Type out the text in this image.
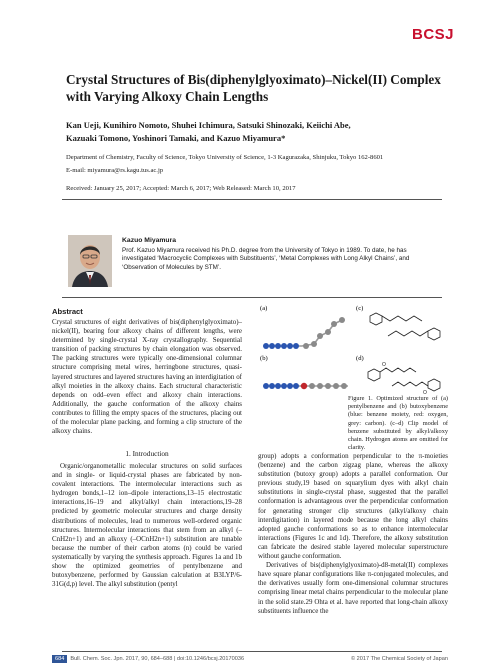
BCSJ
Crystal Structures of Bis(diphenylglyoximato)–Nickel(II) Complex with Varying Alkoxy Chain Lengths
Kan Ueji, Kunihiro Nomoto, Shuhei Ichimura, Satsuki Shinozaki, Keiichi Abe,
Kazuaki Tomono, Yoshinori Tamaki, and Kazuo Miyamura*
Department of Chemistry, Faculty of Science, Tokyo University of Science, 1-3 Kagurazaka, Shinjuku, Tokyo 162-8601
E-mail: miyamura@rs.kagu.tus.ac.jp
Received: January 25, 2017; Accepted: March 6, 2017; Web Released: March 10, 2017
Kazuo Miyamura
Prof. Kazuo Miyamura received his Ph.D. degree from the University of Tokyo in 1989. To date, he has investigated ‘Macrocyclic Complexes with Substituents’, ‘Metal Complexes with Long Alkyl Chains’, and ‘Observation of Molecules by STM’.
Abstract
Crystal structures of eight derivatives of bis(diphenylglyoximato)–nickel(II), bearing four alkoxy chains of different lengths, were determined by single-crystal X-ray crystallography. Sequential transition of packing structures by chain elongation was observed. The packing structures were typically one-dimensional columnar structure comprising metal wires, herringbone structures, quasi-layered structures and layered structures having an interdigitation of alkyl moieties in the alkoxy chains. Each structural characteristic depends on odd–even effect and alkoxy chain interactions. Additionally, the gauche conformation of the alkoxy chains contributes to filling the empty spaces of the structures, placing out of the molecular plane packing, and forming a clip structure of the alkoxy chains.
1. Introduction
Organic/organometallic molecular structures on solid surfaces and in single- or liquid-crystal phases are fabricated by non-covalent interactions. The intermolecular interactions such as hydrogen bonds,1–12 ion–dipole interactions,13–15 electrostatic interactions,16–19 and alkyl/alkyl chain interactions,19–28 predicted by geometric molecular structures and charge density distributions of molecules, lead to numerous well-ordered organic structures. Intermolecular interactions that stem from an alkyl (–CnH2n+1) and an alkoxy (–OCnH2n+1) substitution are tunable because the number of their carbon atoms (n) could be varied systematically by varying the synthesis approach. Figures 1a and 1b show the optimized geometries of pentylbenzene and butoxybenzene, performed by Gaussian calculation at B3LYP/6-31G(d,p) level. The alkyl substitution (pentyl
(a)	(c)
(b)	(d)
O
O
Figure 1. Optimized structure of (a) pentylbenzene and (b) butoxybenzene (blue: benzene moiety, red: oxygen, grey: carbon). (c–d) Clip model of benzene substituted by alkyl/alkoxy chain. Hydrogen atoms are omitted for clarity.

group) adopts a conformation perpendicular to the π-moieties (benzene) and the carbon zigzag plane, whereas the alkoxy substitution (butoxy group) adopts a parallel conformation. Our previous study,19 based on squarylium dyes with alkyl chain substitutions in single-crystal phase, suggested that the parallel conformation is advantageous over the perpendicular conformation for generating stronger clip structures (alkyl/alkoxy chain interdigitation) in layered mode because the long alkyl chains adopted gauche conformations so as to enhance intermolecular interactions (Figures 1c and 1d). Therefore, the alkoxy substitution can fabricate the desired stable layered molecular superstructure without gauche conformation.

Derivatives of bis(diphenylglyoximato)-d8-metal(II) complexes have square planar configurations like π-conjugated molecules, and the derivatives usually form one-dimensional columnar structures comprising linear metal chains perpendicular to the molecular plane in the solid state.29 Ohta et al. have reported that long-chain alkoxy substituents influence the

684 Bull. Chem. Soc. Jpn. 2017, 90, 684–688 | doi:10.1246/bcsj.20170036	© 2017 The Chemical Society of Japan
